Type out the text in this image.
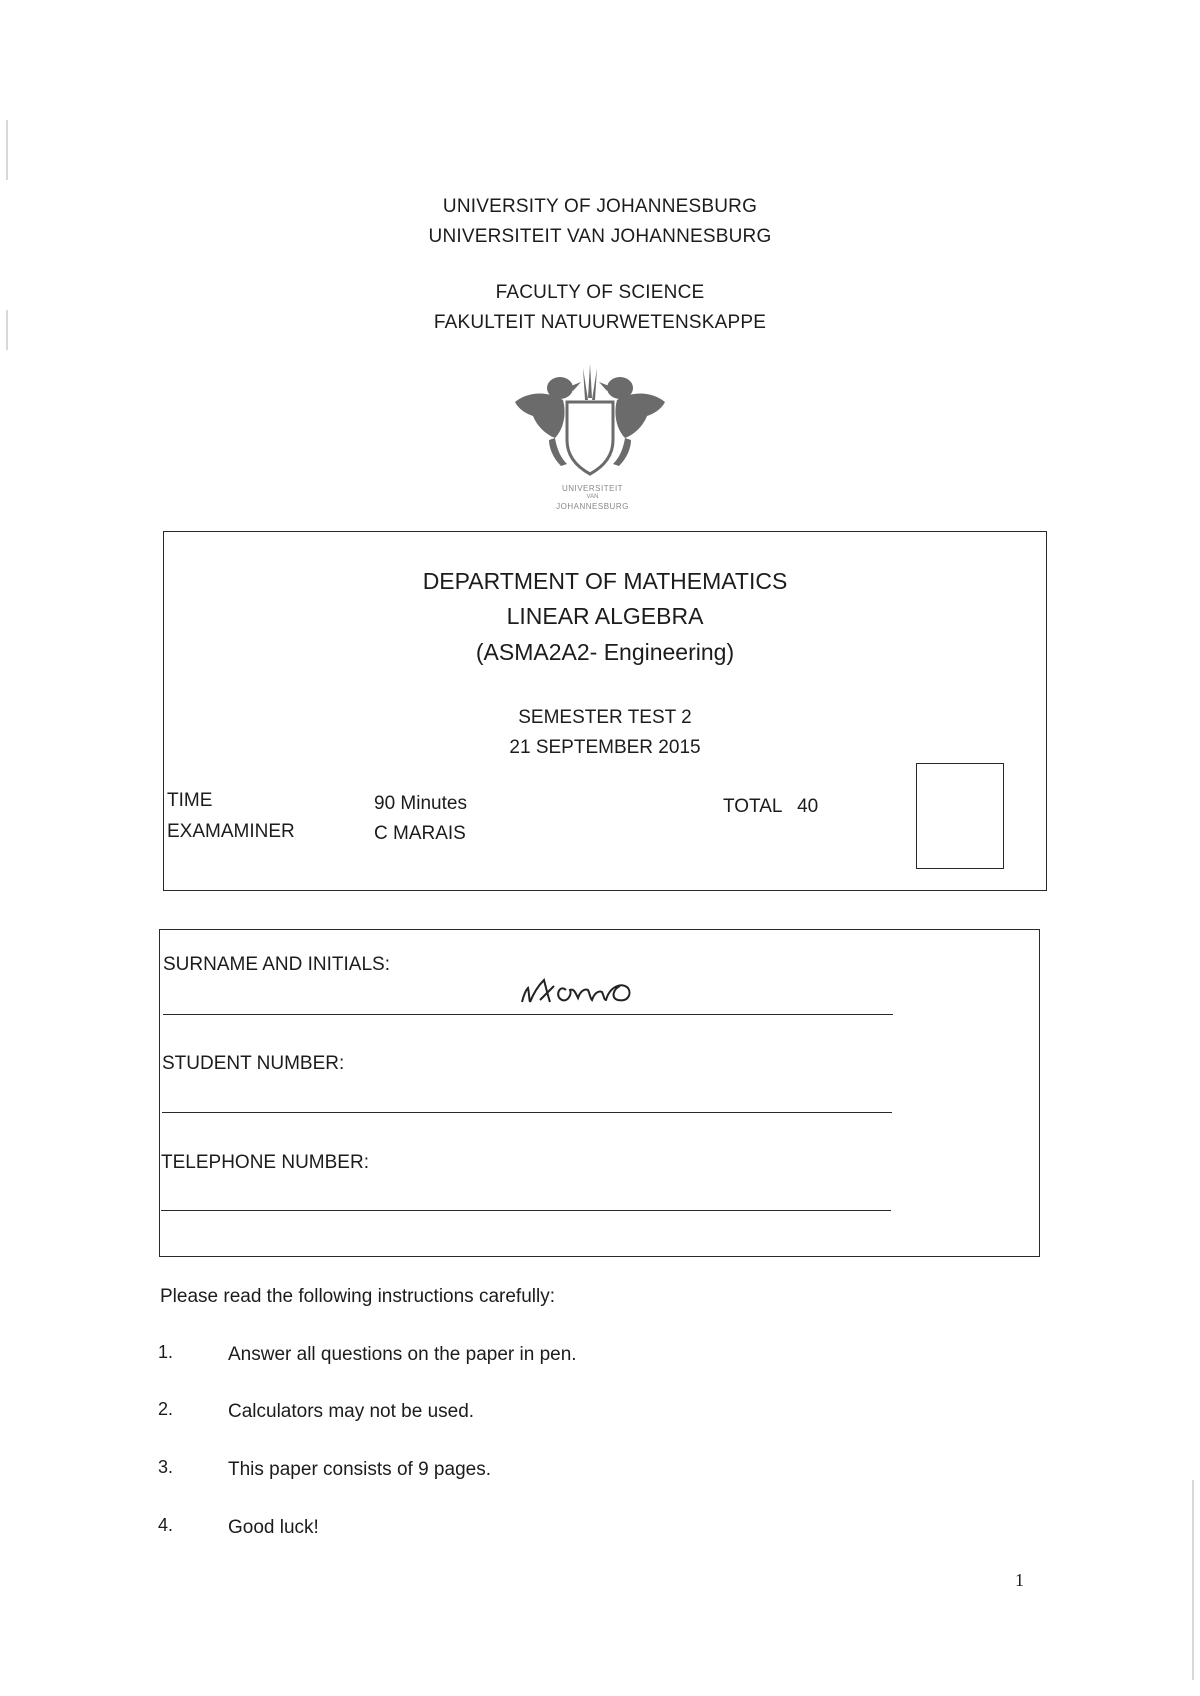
UNIVERSITY OF JOHANNESBURG
UNIVERSITEIT VAN JOHANNESBURG
FACULTY OF SCIENCE
FAKULTEIT NATUURWETENSKAPPE
UNIVERSITEIT
VAN
JOHANNESBURG
DEPARTMENT OF MATHEMATICS
LINEAR ALGEBRA
(ASMA2A2- Engineering)
SEMESTER TEST 2
21 SEPTEMBER 2015
TIME	90 Minutes
EXAMAMINER	C MARAIS
TOTAL 40
SURNAME AND INITIALS:
STUDENT NUMBER:
TELEPHONE NUMBER:
Please read the following instructions carefully:
1.	Answer all questions on the paper in pen.
2.	Calculators may not be used.
3.	This paper consists of 9 pages.
4.	Good luck!
1
